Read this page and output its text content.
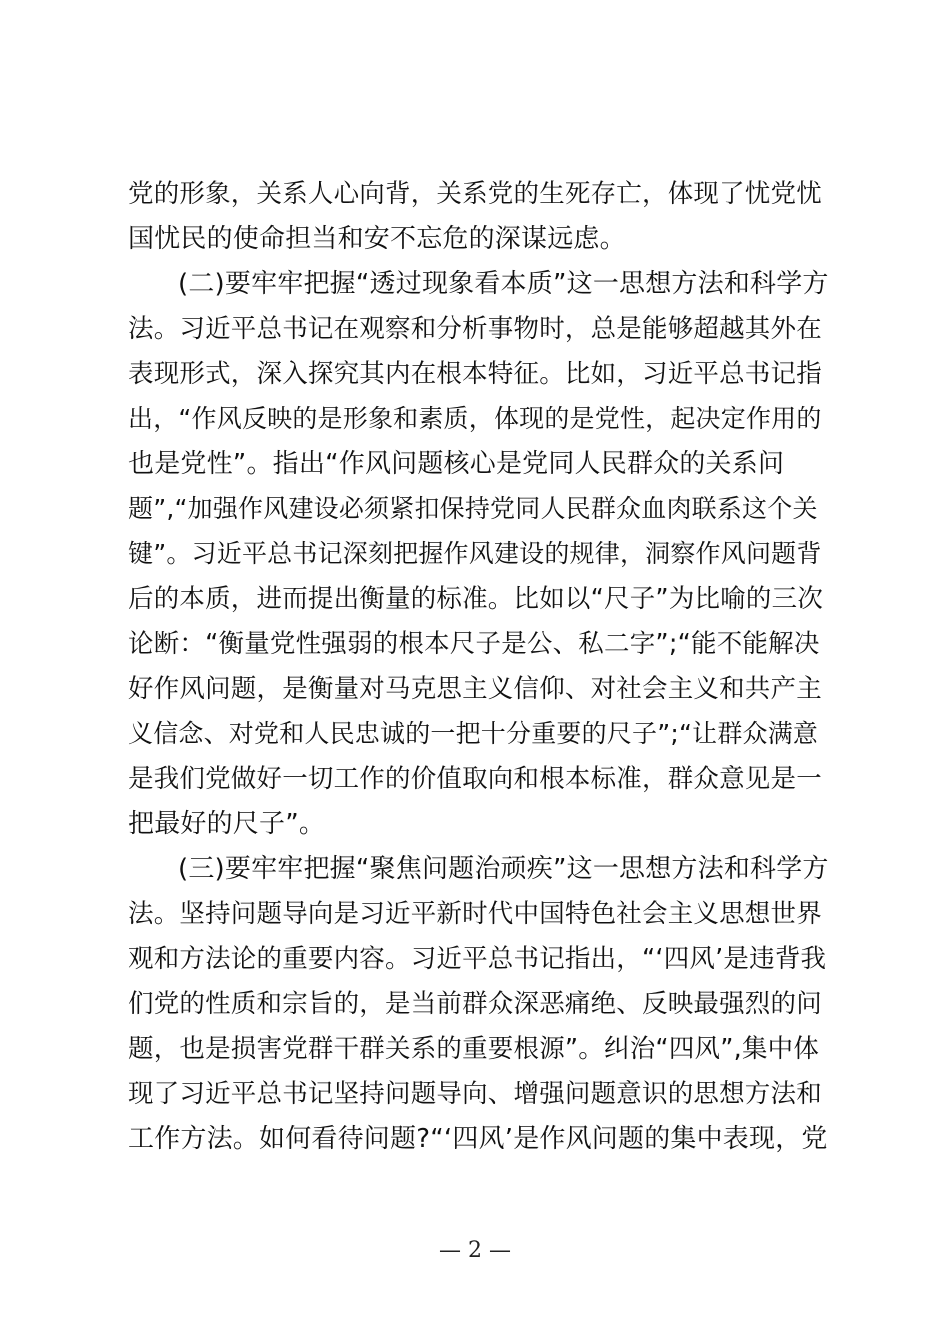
党的形象，关系人心向背，关系党的生死存亡，体现了忧党忧
国忧民的使命担当和安不忘危的深谋远虑。
(二)要牢牢把握“透过现象看本质”这一思想方法和科学方
法。习近平总书记在观察和分析事物时，总是能够超越其外在
表现形式，深入探究其内在根本特征。比如，习近平总书记指
出，“作风反映的是形象和素质，体现的是党性，起决定作用的
也是党性”。指出“作风问题核心是党同人民群众的关系问
题”,“加强作风建设必须紧扣保持党同人民群众血肉联系这个关
键”。习近平总书记深刻把握作风建设的规律，洞察作风问题背
后的本质，进而提出衡量的标准。比如以“尺子”为比喻的三次
论断：“衡量党性强弱的根本尺子是公、私二字”;“能不能解决
好作风问题，是衡量对马克思主义信仰、对社会主义和共产主
义信念、对党和人民忠诚的一把十分重要的尺子”;“让群众满意
是我们党做好一切工作的价值取向和根本标准，群众意见是一
把最好的尺子”。
(三)要牢牢把握“聚焦问题治顽疾”这一思想方法和科学方
法。坚持问题导向是习近平新时代中国特色社会主义思想世界
观和方法论的重要内容。习近平总书记指出，“‘四风’是违背我
们党的性质和宗旨的，是当前群众深恶痛绝、反映最强烈的问
题，也是损害党群干群关系的重要根源”。纠治“四风”,集中体
现了习近平总书记坚持问题导向、增强问题意识的思想方法和
工作方法。如何看待问题?“‘四风’是作风问题的集中表现，党
— 2 —
